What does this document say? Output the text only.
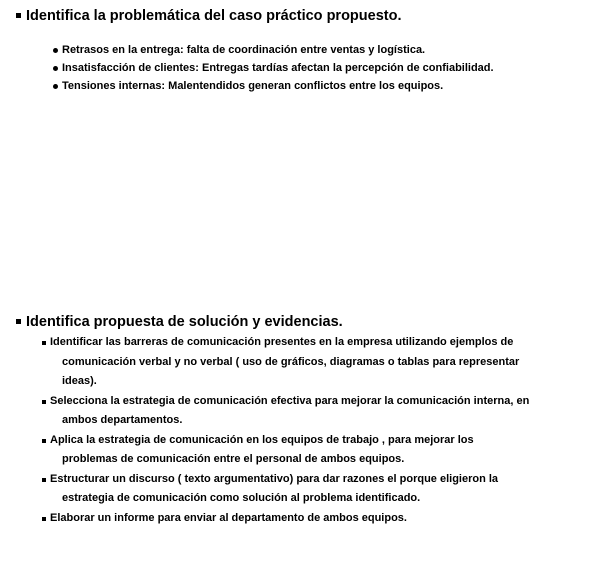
Identifica la problemática del caso práctico propuesto.
Retrasos en la entrega: falta de coordinación entre ventas y logística.
Insatisfacción de clientes: Entregas tardías afectan la percepción de confiabilidad.
Tensiones internas: Malentendidos generan conflictos entre los equipos.
Identifica propuesta de solución y evidencias.
Identificar las barreras de comunicación presentes en la empresa utilizando ejemplos de
comunicación verbal y no verbal ( uso de gráficos, diagramas o tablas para representar
ideas).
Selecciona la estrategia de comunicación efectiva para mejorar la comunicación interna, en
ambos departamentos.
Aplica la estrategia de comunicación en los equipos de trabajo , para mejorar los
problemas de comunicación entre el personal de ambos equipos.
Estructurar un discurso ( texto argumentativo) para dar razones el porque eligieron la
estrategia de comunicación como solución al problema identificado.
Elaborar un informe para enviar al departamento de ambos equipos.
